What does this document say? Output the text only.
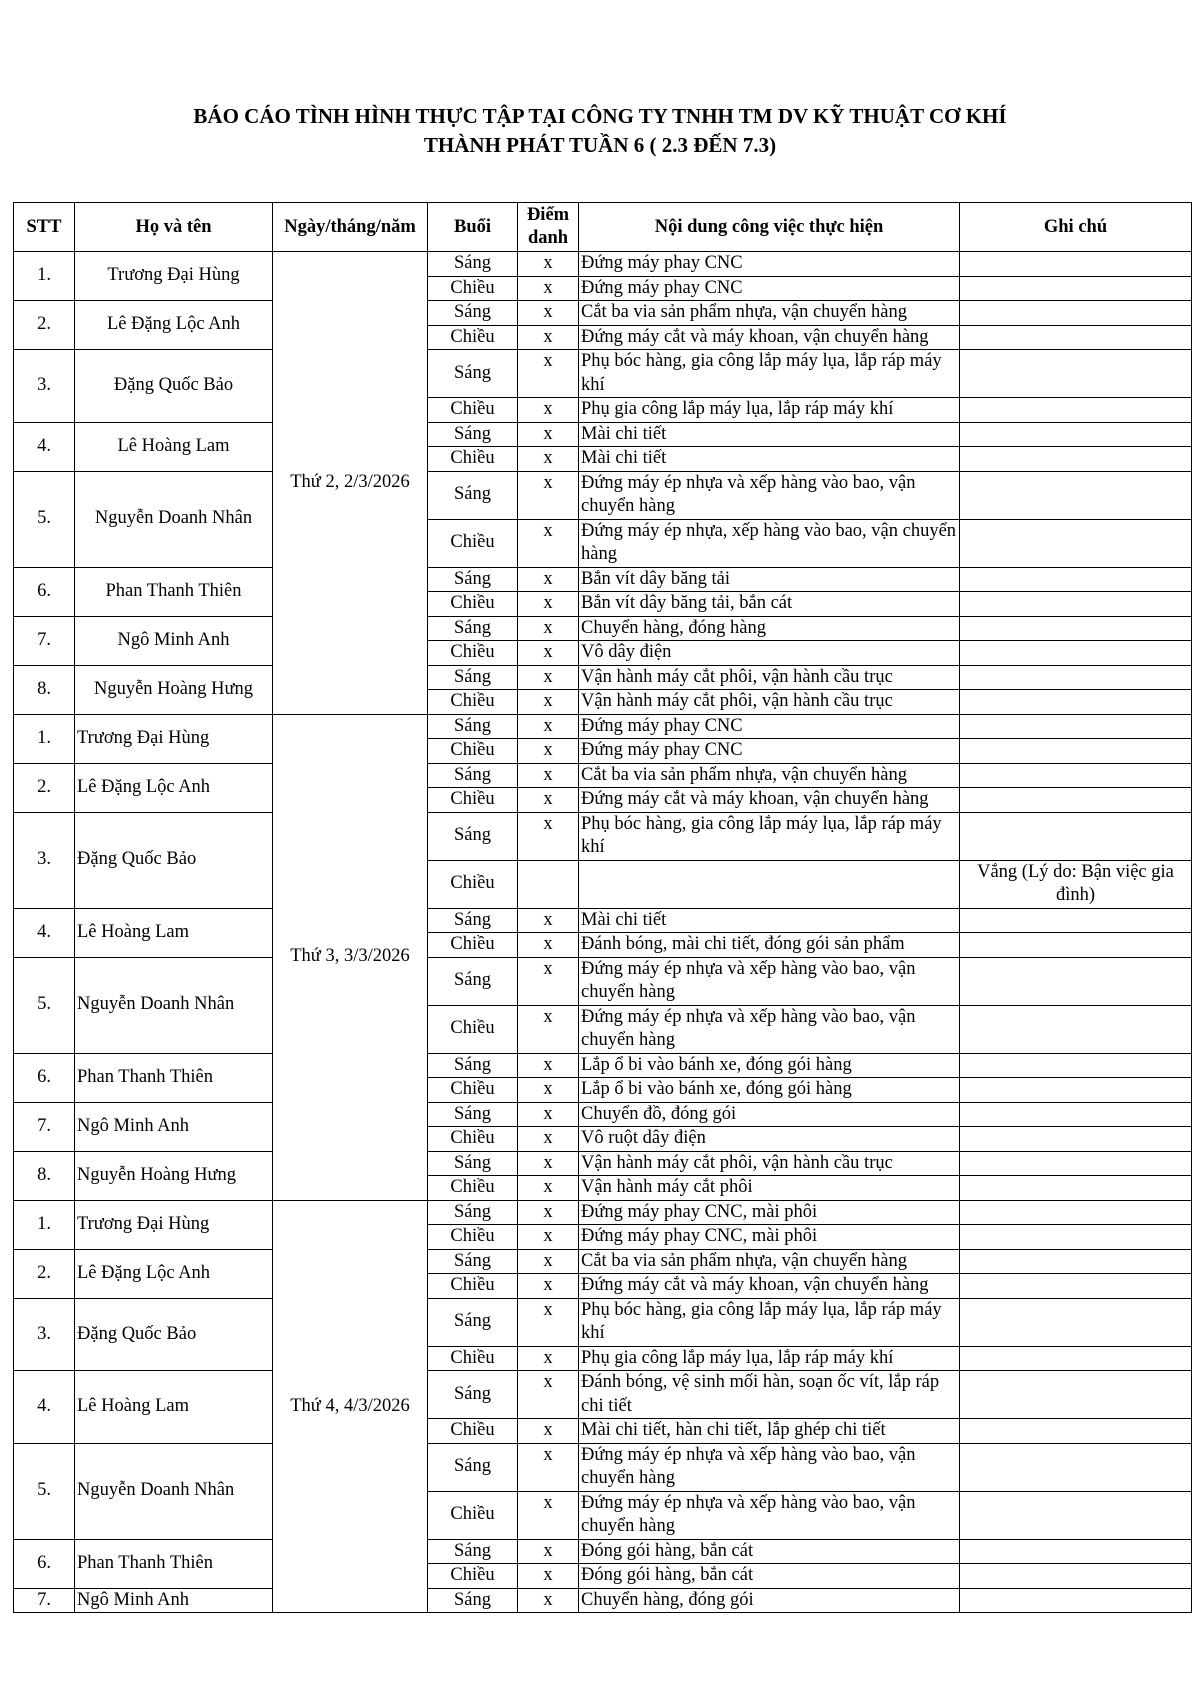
BÁO CÁO TÌNH HÌNH THỰC TẬP TẠI CÔNG TY TNHH TM DV KỸ THUẬT CƠ KHÍ
THÀNH PHÁT TUẦN 6 ( 2.3 ĐẾN 7.3)
STT	Họ và tên	Ngày/tháng/năm	Buổi	Điểm danh	Nội dung công việc thực hiện	Ghi chú
1.	Trương Đại Hùng	Thứ 2, 2/3/2026	Sáng	x	Đứng máy phay CNC	
			Chiều	x	Đứng máy phay CNC	
2.	Lê Đặng Lộc Anh		Sáng	x	Cắt ba via sản phẩm nhựa, vận chuyển hàng	
			Chiều	x	Đứng máy cắt và máy khoan, vận chuyển hàng	
3.	Đặng Quốc Bảo		Sáng	x	Phụ bóc hàng, gia công lắp máy lụa, lắp ráp máy khí	
			Chiều	x	Phụ gia công lắp máy lụa, lắp ráp máy khí	
4.	Lê Hoàng Lam		Sáng	x	Mài chi tiết	
			Chiều	x	Mài chi tiết	
5.	Nguyễn Doanh Nhân		Sáng	x	Đứng máy ép nhựa và xếp hàng vào bao, vận chuyển hàng	
			Chiều	x	Đứng máy ép nhựa, xếp hàng vào bao, vận chuyển hàng	
6.	Phan Thanh Thiên		Sáng	x	Bắn vít dây băng tải	
			Chiều	x	Bắn vít dây băng tải, bắn cát	
7.	Ngô Minh Anh		Sáng	x	Chuyển hàng, đóng hàng	
			Chiều	x	Vô dây điện	
8.	Nguyễn Hoàng Hưng		Sáng	x	Vận hành máy cắt phôi, vận hành cầu trục	
			Chiều	x	Vận hành máy cắt phôi, vận hành cầu trục	
1.	Trương Đại Hùng	Thứ 3, 3/3/2026	Sáng	x	Đứng máy phay CNC	
			Chiều	x	Đứng máy phay CNC	
2.	Lê Đặng Lộc Anh		Sáng	x	Cắt ba via sản phẩm nhựa, vận chuyển hàng	
			Chiều	x	Đứng máy cắt và máy khoan, vận chuyển hàng	
3.	Đặng Quốc Bảo		Sáng	x	Phụ bóc hàng, gia công lắp máy lụa, lắp ráp máy khí	
			Chiều			Vắng (Lý do: Bận việc gia đình)
4.	Lê Hoàng Lam		Sáng	x	Mài chi tiết	
			Chiều	x	Đánh bóng, mài chi tiết, đóng gói sản phẩm	
5.	Nguyễn Doanh Nhân		Sáng	x	Đứng máy ép nhựa và xếp hàng vào bao, vận chuyển hàng	
			Chiều	x	Đứng máy ép nhựa và xếp hàng vào bao, vận chuyển hàng	
6.	Phan Thanh Thiên		Sáng	x	Lắp ổ bi vào bánh xe, đóng gói hàng	
			Chiều	x	Lắp ổ bi vào bánh xe, đóng gói hàng	
7.	Ngô Minh Anh		Sáng	x	Chuyển đồ, đóng gói	
			Chiều	x	Vô ruột dây điện	
8.	Nguyễn Hoàng Hưng		Sáng	x	Vận hành máy cắt phôi, vận hành cầu trục	
			Chiều	x	Vận hành máy cắt phôi	
1.	Trương Đại Hùng	Thứ 4, 4/3/2026	Sáng	x	Đứng máy phay CNC, mài phôi	
			Chiều	x	Đứng máy phay CNC, mài phôi	
2.	Lê Đặng Lộc Anh		Sáng	x	Cắt ba via sản phẩm nhựa, vận chuyển hàng	
			Chiều	x	Đứng máy cắt và máy khoan, vận chuyển hàng	
3.	Đặng Quốc Bảo		Sáng	x	Phụ bóc hàng, gia công lắp máy lụa, lắp ráp máy khí	
			Chiều	x	Phụ gia công lắp máy lụa, lắp ráp máy khí	
4.	Lê Hoàng Lam		Sáng	x	Đánh bóng, vệ sinh mối hàn, soạn ốc vít, lắp ráp chi tiết	
			Chiều	x	Mài chi tiết, hàn chi tiết, lắp ghép chi tiết	
5.	Nguyễn Doanh Nhân		Sáng	x	Đứng máy ép nhựa và xếp hàng vào bao, vận chuyển hàng	
			Chiều	x	Đứng máy ép nhựa và xếp hàng vào bao, vận chuyển hàng	
6.	Phan Thanh Thiên		Sáng	x	Đóng gói hàng, bắn cát	
			Chiều	x	Đóng gói hàng, bắn cát	
7.	Ngô Minh Anh		Sáng	x	Chuyển hàng, đóng gói	
